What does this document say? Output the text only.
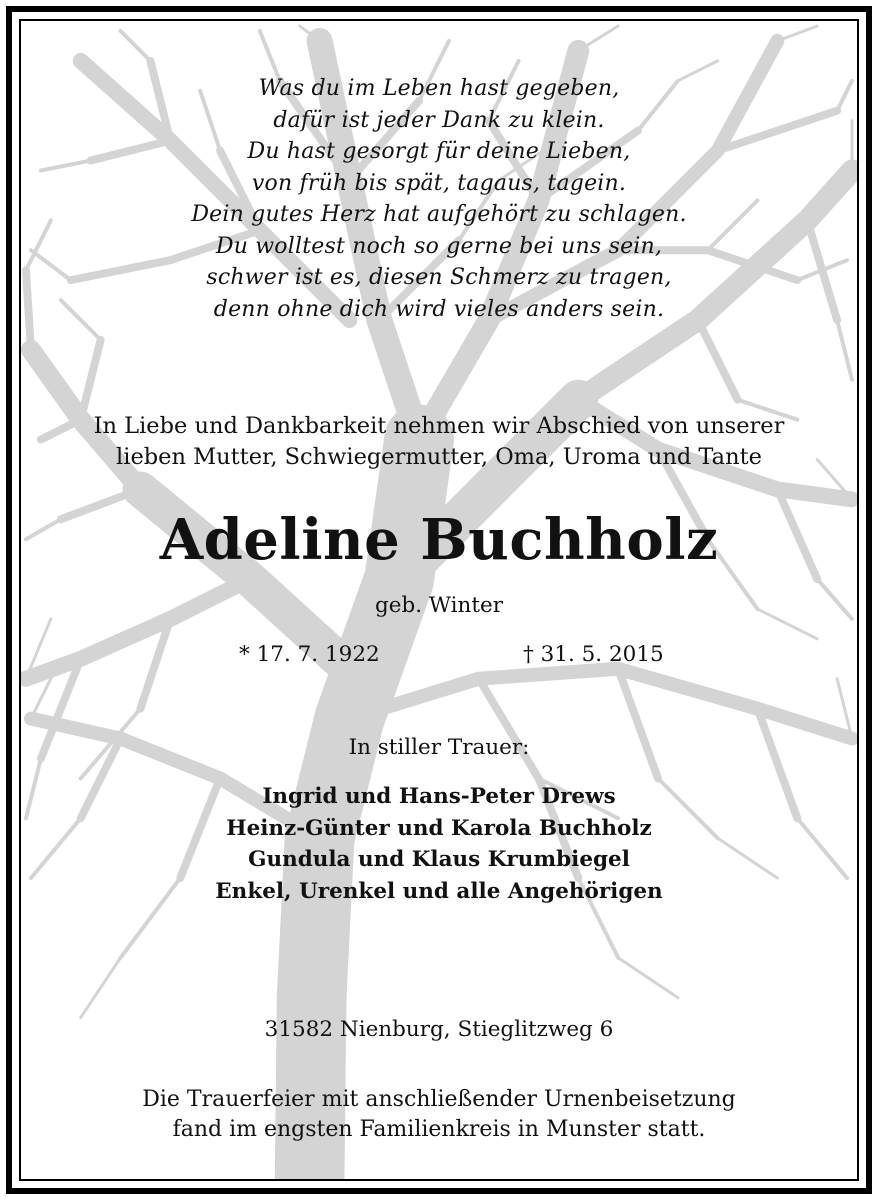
Was du im Leben hast gegeben,
dafür ist jeder Dank zu klein.
Du hast gesorgt für deine Lieben,
von früh bis spät, tagaus, tagein.
Dein gutes Herz hat aufgehört zu schlagen.
Du wolltest noch so gerne bei uns sein,
schwer ist es, diesen Schmerz zu tragen,
denn ohne dich wird vieles anders sein.
In Liebe und Dankbarkeit nehmen wir Abschied von unserer
lieben Mutter, Schwiegermutter, Oma, Uroma und Tante
Adeline Buchholz
geb. Winter
* 17. 7. 1922	† 31. 5. 2015
In stiller Trauer:
Ingrid und Hans-Peter Drews
Heinz-Günter und Karola Buchholz
Gundula und Klaus Krumbiegel
Enkel, Urenkel und alle Angehörigen
31582 Nienburg, Stieglitzweg 6
Die Trauerfeier mit anschließender Urnenbeisetzung
fand im engsten Familienkreis in Munster statt.
